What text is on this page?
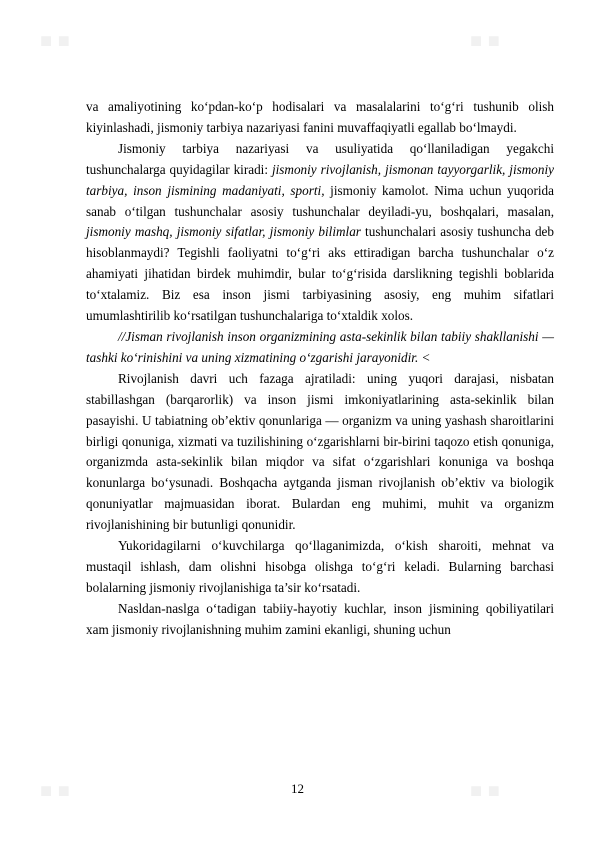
■ ■	■ ■
■ ■	■ ■

va amaliyotining ko‘pdan-ko‘p hodisalari va masalalarini to‘g‘ri tushunib olish kiyinlashadi, jismoniy tarbiya nazariyasi fanini muvaffaqiyatli egallab bo‘lmaydi.

Jismoniy tarbiya nazariyasi va usuliyatida qo‘llaniladigan yegakchi tushunchalarga quyidagilar kiradi: jismoniy rivojlanish, jismonan tayyorgarlik, jismoniy tarbiya, inson jismining madaniyati, sporti, jismoniy kamolot. Nima uchun yuqorida sanab o‘tilgan tushunchalar asosiy tushunchalar deyiladi-yu, boshqalari, masalan, jismoniy mashq, jismoniy sifatlar, jismoniy bilimlar tushunchalari asosiy tushuncha deb hisoblanmaydi? Tegishli faoliyatni to‘g‘ri aks ettiradigan barcha tushunchalar o‘z ahamiyati jihatidan birdek muhimdir, bular to‘g‘risida darslikning tegishli boblarida to‘xtalamiz. Biz esa inson jismi tarbiyasining asosiy, eng muhim sifatlari umumlashtirilib ko‘rsatilgan tushunchalariga to‘xtaldik xolos.

//Jisman rivojlanish inson organizmining asta-sekinlik bilan tabiiy shakllanishi — tashki ko‘rinishini va uning xizmatining o‘zgarishi jarayonidir. <

Rivojlanish davri uch fazaga ajratiladi: uning yuqori darajasi, nisbatan stabillashgan (barqarorlik) va inson jismi imkoniyatlarining asta-sekinlik bilan pasayishi. U tabiatning ob’ektiv qonunlariga — organizm va uning yashash sharoitlarini birligi qonuniga, xizmati va tuzilishining o‘zgarishlarni bir-birini taqozo etish qonuniga, organizmda asta-sekinlik bilan miqdor va sifat o‘zgarishlari konuniga va boshqa konunlarga bo‘ysunadi. Boshqacha aytganda jisman rivojlanish ob’ektiv va biologik qonuniyatlar majmuasidan iborat. Bulardan eng muhimi, muhit va organizm rivojlanishining bir butunligi qonunidir.

Yukoridagilarni o‘kuvchilarga qo‘llaganimizda, o‘kish sharoiti, mehnat va mustaqil ishlash, dam olishni hisobga olishga to‘g‘ri keladi. Bularning barchasi bolalarning jismoniy rivojlanishiga ta’sir ko‘rsatadi.

Nasldan-naslga o‘tadigan tabiiy-hayotiy kuchlar, inson jismining qobiliyatilari xam jismoniy rivojlanishning muhim zamini ekanligi, shuning uchun

12
